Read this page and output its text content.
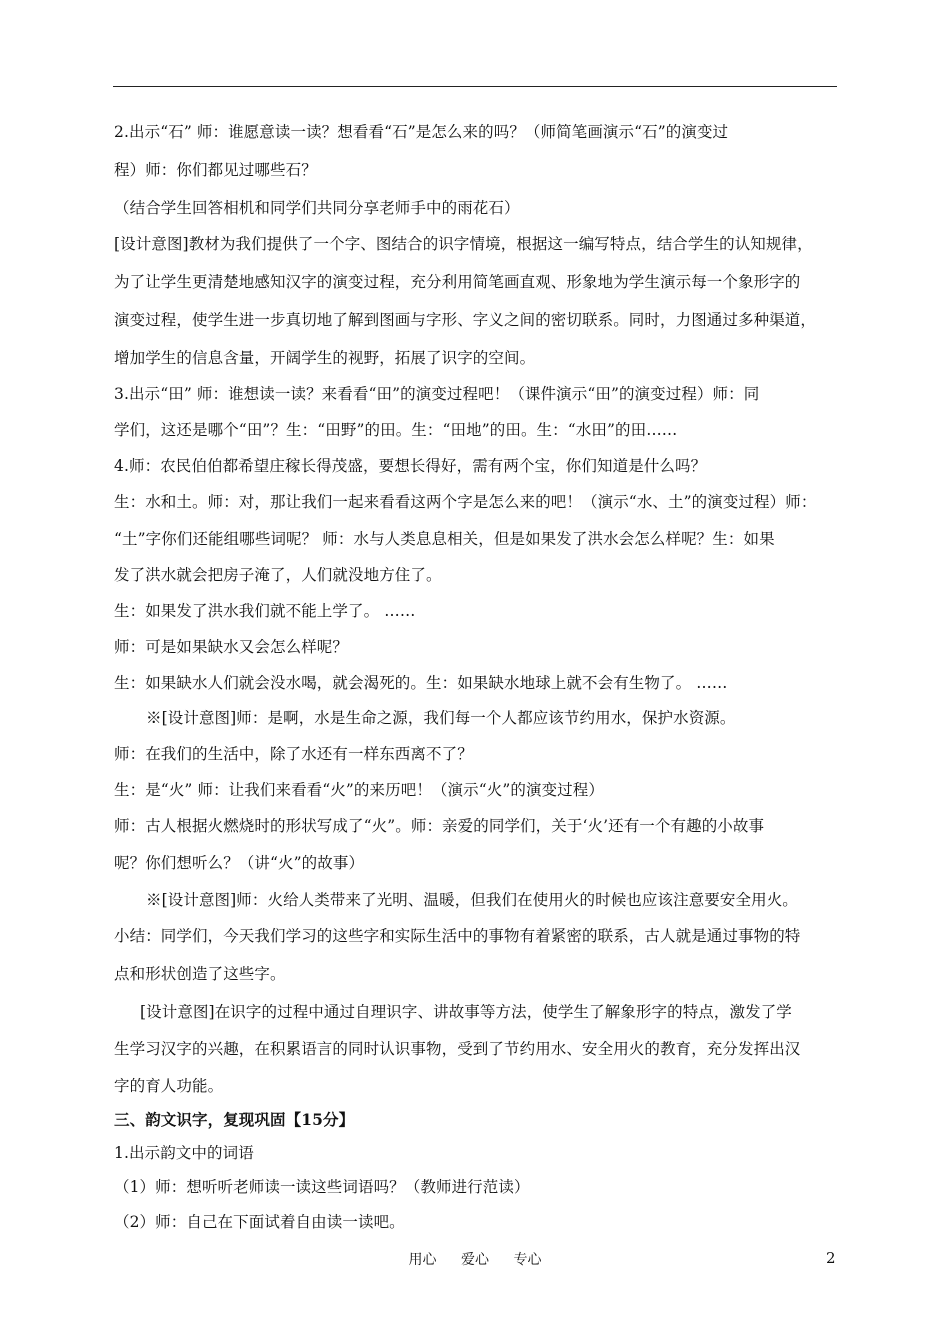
2.出示“石” 师：谁愿意读一读？想看看“石”是怎么来的吗？（师简笔画演示“石”的演变过
程）师：你们都见过哪些石？
（结合学生回答相机和同学们共同分享老师手中的雨花石）
[设计意图]教材为我们提供了一个字、图结合的识字情境，根据这一编写特点，结合学生的认知规律，
为了让学生更清楚地感知汉字的演变过程，充分利用简笔画直观、形象地为学生演示每一个象形字的
演变过程，使学生进一步真切地了解到图画与字形、字义之间的密切联系。同时，力图通过多种渠道，
增加学生的信息含量，开阔学生的视野，拓展了识字的空间。
3.出示“田” 师：谁想读一读？来看看“田”的演变过程吧！（课件演示“田”的演变过程）师：同
学们，这还是哪个“田”？生：“田野”的田。生：“田地”的田。生：“水田”的田……
4.师：农民伯伯都希望庄稼长得茂盛，要想长得好，需有两个宝，你们知道是什么吗？
生：水和土。师：对，那让我们一起来看看这两个字是怎么来的吧！（演示“水、土”的演变过程）师：
“土”字你们还能组哪些词呢？ 师：水与人类息息相关，但是如果发了洪水会怎么样呢？生：如果
发了洪水就会把房子淹了，人们就没地方住了。
生：如果发了洪水我们就不能上学了。 ……
师：可是如果缺水又会怎么样呢？
生：如果缺水人们就会没水喝，就会渴死的。生：如果缺水地球上就不会有生物了。 ……
※[设计意图]师：是啊，水是生命之源，我们每一个人都应该节约用水，保护水资源。
师：在我们的生活中，除了水还有一样东西离不了？
生：是“火” 师：让我们来看看“火”的来历吧！（演示“火”的演变过程）
师：古人根据火燃烧时的形状写成了“火”。师：亲爱的同学们，关于‘火’还有一个有趣的小故事
呢？你们想听么？（讲“火”的故事）
※[设计意图]师：火给人类带来了光明、温暖，但我们在使用火的时候也应该注意要安全用火。
小结：同学们，今天我们学习的这些字和实际生活中的事物有着紧密的联系，古人就是通过事物的特
点和形状创造了这些字。
[设计意图]在识字的过程中通过自理识字、讲故事等方法，使学生了解象形字的特点，激发了学
生学习汉字的兴趣，在积累语言的同时认识事物，受到了节约用水、安全用火的教育，充分发挥出汉
字的育人功能。
三、韵文识字，复现巩固【15分】
1.出示韵文中的词语
（1）师：想听听老师读一读这些词语吗？（教师进行范读）
（2）师：自己在下面试着自由读一读吧。
用心 爱心 专心	2
